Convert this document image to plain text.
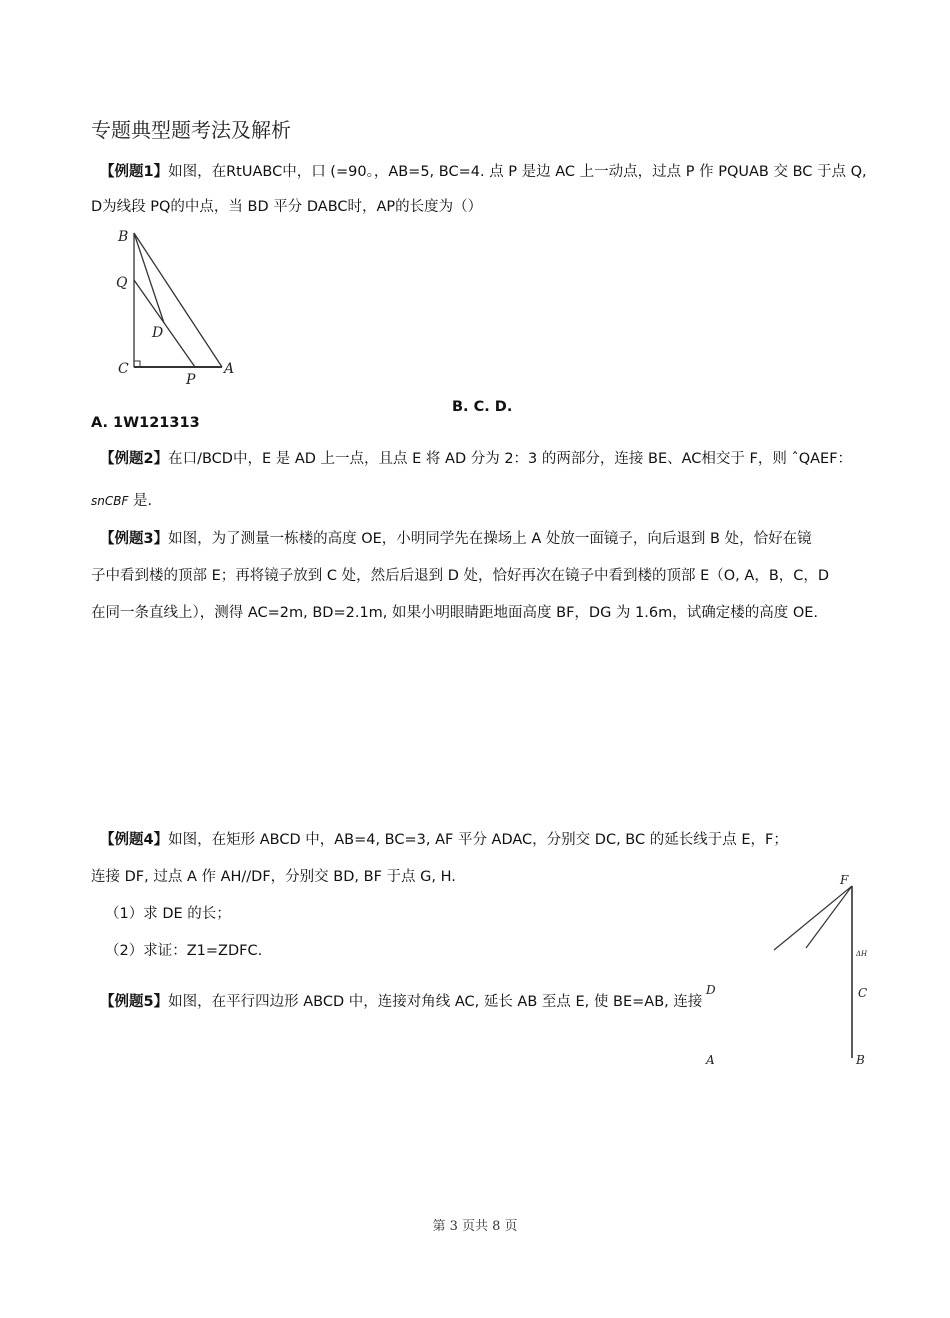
专题典型题考法及解析
【例题1】如图，在RtUABC中，口 (=90。，AB=5, BC=4. 点 P 是边 AC 上一动点，过点 P 作 PQUAB 交 BC 于点 Q,
D为线段 PQ的中点，当 BD 平分 DABC时，AP的长度为（）
B
Q
D
C
P
A
B. C. D.
A. 1W121313
【例题2】在口/BCD中，E 是 AD 上一点，且点 E 将 AD 分为 2：3 的两部分，连接 BE、AC相交于 F，则 ˆQAEF：
snCBF 是.
【例题3】如图，为了测量一栋楼的高度 OE，小明同学先在操场上 A 处放一面镜子，向后退到 B 处，恰好在镜
子中看到楼的顶部 E；再将镜子放到 C 处，然后后退到 D 处，恰好再次在镜子中看到楼的顶部 E（O, A，B，C，D
在同一条直线上），测得 AC=2m, BD=2.1m, 如果小明眼睛距地面高度 BF，DG 为 1.6m，试确定楼的高度 OE.
【例题4】如图，在矩形 ABCD 中，AB=4, BC=3, AF 平分 ADAC，分别交 DC, BC 的延长线于点 E，F；
连接 DF, 过点 A 作 AH//DF，分别交 BD, BF 于点 G, H.
（1）求 DE 的长；
（2）求证：Z1=ZDFC.
【例题5】如图，在平行四边形 ABCD 中，连接对角线 AC, 延长 AB 至点 E, 使 BE=AB, 连接
F
ΔH
C
D
A	B
第 3 页共 8 页
